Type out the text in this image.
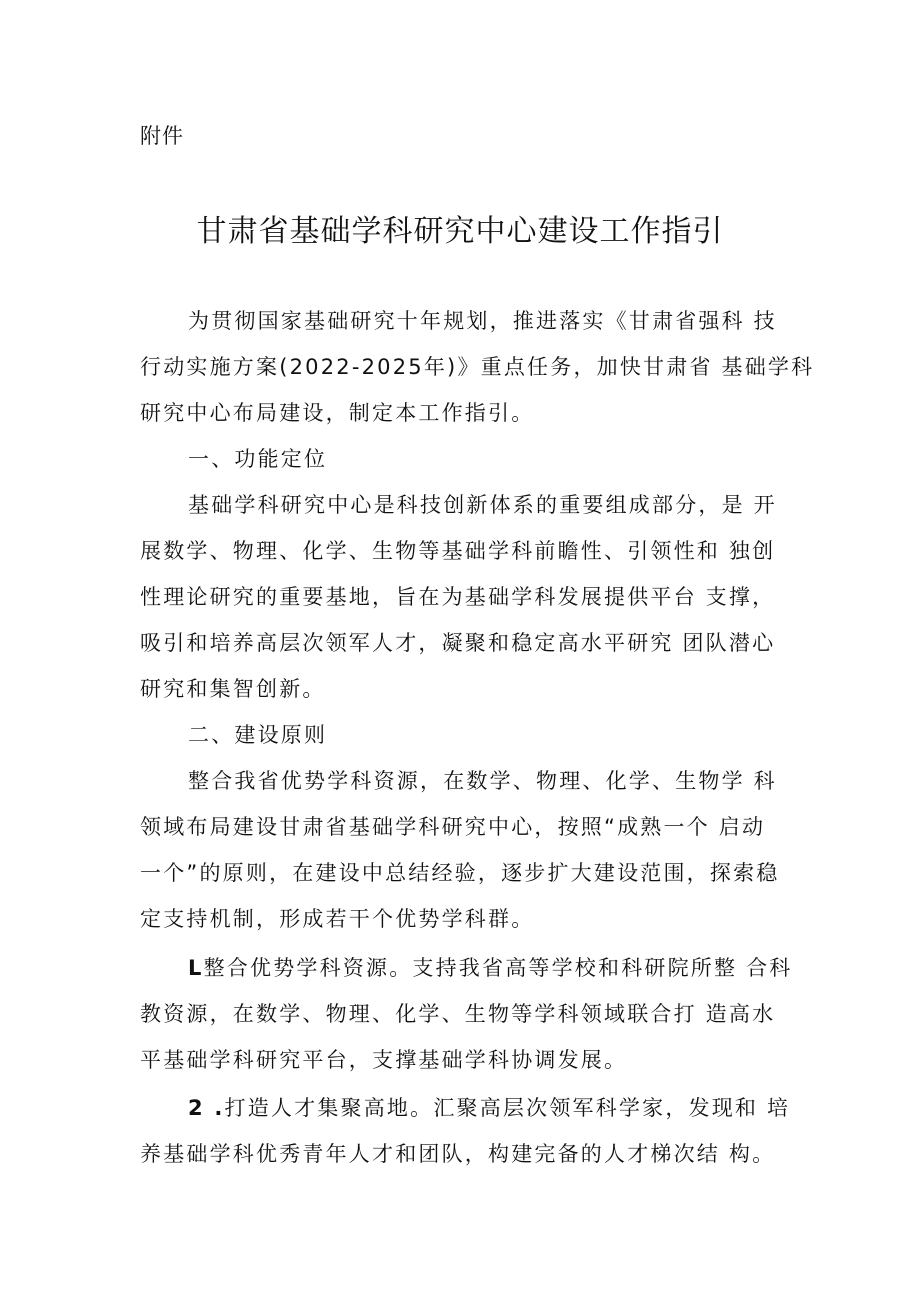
附件
甘肃省基础学科研究中心建设工作指引
为贯彻国家基础研究十年规划，推进落实《甘肃省强科 技
行动实施方案(2022-2025年)》重点任务，加快甘肃省 基础学科
研究中心布局建设，制定本工作指引。
一、功能定位
基础学科研究中心是科技创新体系的重要组成部分，是 开
展数学、物理、化学、生物等基础学科前瞻性、引领性和 独创
性理论研究的重要基地，旨在为基础学科发展提供平台 支撑，
吸引和培养高层次领军人才，凝聚和稳定高水平研究 团队潜心
研究和集智创新。
二、建设原则
整合我省优势学科资源，在数学、物理、化学、生物学 科
领域布局建设甘肃省基础学科研究中心，按照“成熟一个 启动
一个”的原则，在建设中总结经验，逐步扩大建设范围，探索稳
定支持机制，形成若干个优势学科群。
L整合优势学科资源。支持我省高等学校和科研院所整 合科
教资源，在数学、物理、化学、生物等学科领域联合打 造高水
平基础学科研究平台，支撑基础学科协调发展。
2 .打造人才集聚高地。汇聚高层次领军科学家，发现和 培
养基础学科优秀青年人才和团队，构建完备的人才梯次结 构。
